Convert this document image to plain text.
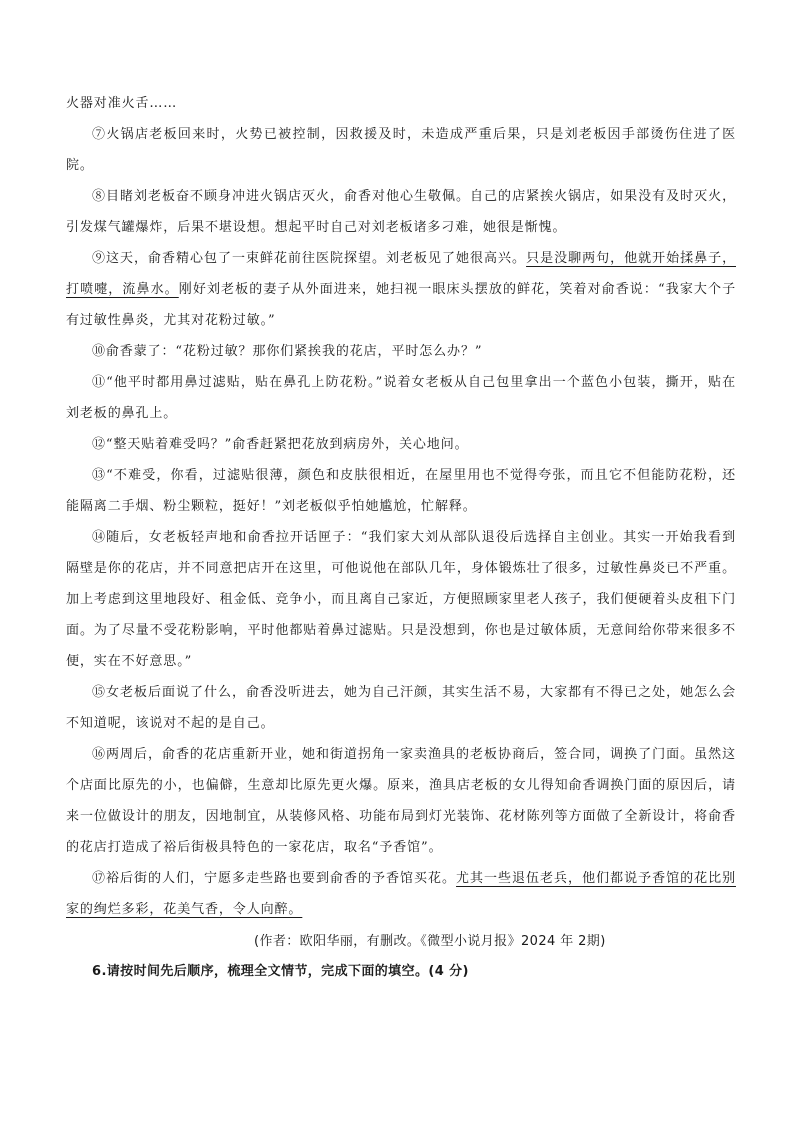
火器对准火舌……

⑦火锅店老板回来时，火势已被控制，因救援及时，未造成严重后果，只是刘老板因手部烫伤住进了医院。

⑧目睹刘老板奋不顾身冲进火锅店灭火，俞香对他心生敬佩。自己的店紧挨火锅店，如果没有及时灭火，引发煤气罐爆炸，后果不堪设想。想起平时自己对刘老板诸多刁难，她很是惭愧。

⑨这天，俞香精心包了一束鲜花前往医院探望。刘老板见了她很高兴。只是没聊两句，他就开始揉鼻子，打喷嚏，流鼻水。刚好刘老板的妻子从外面进来，她扫视一眼床头摆放的鲜花，笑着对俞香说：“我家大个子有过敏性鼻炎，尤其对花粉过敏。”

⑩俞香蒙了：“花粉过敏？那你们紧挨我的花店，平时怎么办？”

⑪“他平时都用鼻过滤贴，贴在鼻孔上防花粉。”说着女老板从自己包里拿出一个蓝色小包装，撕开，贴在刘老板的鼻孔上。

⑫“整天贴着难受吗？”俞香赶紧把花放到病房外，关心地问。

⑬“不难受，你看，过滤贴很薄，颜色和皮肤很相近，在屋里用也不觉得夸张，而且它不但能防花粉，还能隔离二手烟、粉尘颗粒，挺好！”刘老板似乎怕她尴尬，忙解释。

⑭随后，女老板轻声地和俞香拉开话匣子：“我们家大刘从部队退役后选择自主创业。其实一开始我看到隔壁是你的花店，并不同意把店开在这里，可他说他在部队几年，身体锻炼壮了很多，过敏性鼻炎已不严重。加上考虑到这里地段好、租金低、竞争小，而且离自己家近，方便照顾家里老人孩子，我们便硬着头皮租下门面。为了尽量不受花粉影响，平时他都贴着鼻过滤贴。只是没想到，你也是过敏体质，无意间给你带来很多不便，实在不好意思。”

⑮女老板后面说了什么，俞香没听进去，她为自己汗颜，其实生活不易，大家都有不得已之处，她怎么会不知道呢，该说对不起的是自己。

⑯两周后，俞香的花店重新开业，她和街道拐角一家卖渔具的老板协商后，签合同，调换了门面。虽然这个店面比原先的小，也偏僻，生意却比原先更火爆。原来，渔具店老板的女儿得知俞香调换门面的原因后，请来一位做设计的朋友，因地制宜，从装修风格、功能布局到灯光装饰、花材陈列等方面做了全新设计，将俞香的花店打造成了裕后街极具特色的一家花店，取名“予香馆”。

⑰裕后街的人们，宁愿多走些路也要到俞香的予香馆买花。尤其一些退伍老兵，他们都说予香馆的花比别家的绚烂多彩，花美气香，令人向醉。

(作者：欧阳华丽，有删改。《微型小说月报》2024 年 2期)

6.请按时间先后顺序，梳理全文情节，完成下面的填空。(4 分)
